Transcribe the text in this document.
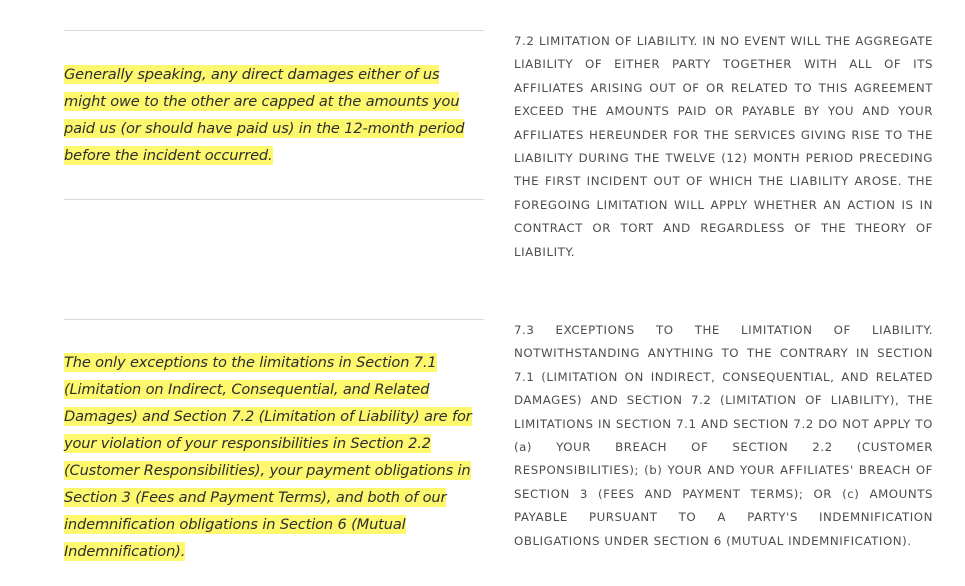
Generally speaking, any direct damages either of us might owe to the other are capped at the amounts you paid us (or should have paid us) in the 12-month period before the incident occurred.
7.2 LIMITATION OF LIABILITY. IN NO EVENT WILL THE AGGREGATE LIABILITY OF EITHER PARTY TOGETHER WITH ALL OF ITS AFFILIATES ARISING OUT OF OR RELATED TO THIS AGREEMENT EXCEED THE AMOUNTS PAID OR PAYABLE BY YOU AND YOUR AFFILIATES HEREUNDER FOR THE SERVICES GIVING RISE TO THE LIABILITY DURING THE TWELVE (12) MONTH PERIOD PRECEDING THE FIRST INCIDENT OUT OF WHICH THE LIABILITY AROSE. THE FOREGOING LIMITATION WILL APPLY WHETHER AN ACTION IS IN CONTRACT OR TORT AND REGARDLESS OF THE THEORY OF LIABILITY.
The only exceptions to the limitations in Section 7.1 (Limitation on Indirect, Consequential, and Related Damages) and Section 7.2 (Limitation of Liability) are for your violation of your responsibilities in Section 2.2 (Customer Responsibilities), your payment obligations in Section 3 (Fees and Payment Terms), and both of our indemnification obligations in Section 6 (Mutual Indemnification).
7.3 EXCEPTIONS TO THE LIMITATION OF LIABILITY. NOTWITHSTANDING ANYTHING TO THE CONTRARY IN SECTION 7.1 (LIMITATION ON INDIRECT, CONSEQUENTIAL, AND RELATED DAMAGES) AND SECTION 7.2 (LIMITATION OF LIABILITY), THE LIMITATIONS IN SECTION 7.1 AND SECTION 7.2 DO NOT APPLY TO (a) YOUR BREACH OF SECTION 2.2 (CUSTOMER RESPONSIBILITIES); (b) YOUR AND YOUR AFFILIATES' BREACH OF SECTION 3 (FEES AND PAYMENT TERMS); OR (c) AMOUNTS PAYABLE PURSUANT TO A PARTY'S INDEMNIFICATION OBLIGATIONS UNDER SECTION 6 (MUTUAL INDEMNIFICATION).
